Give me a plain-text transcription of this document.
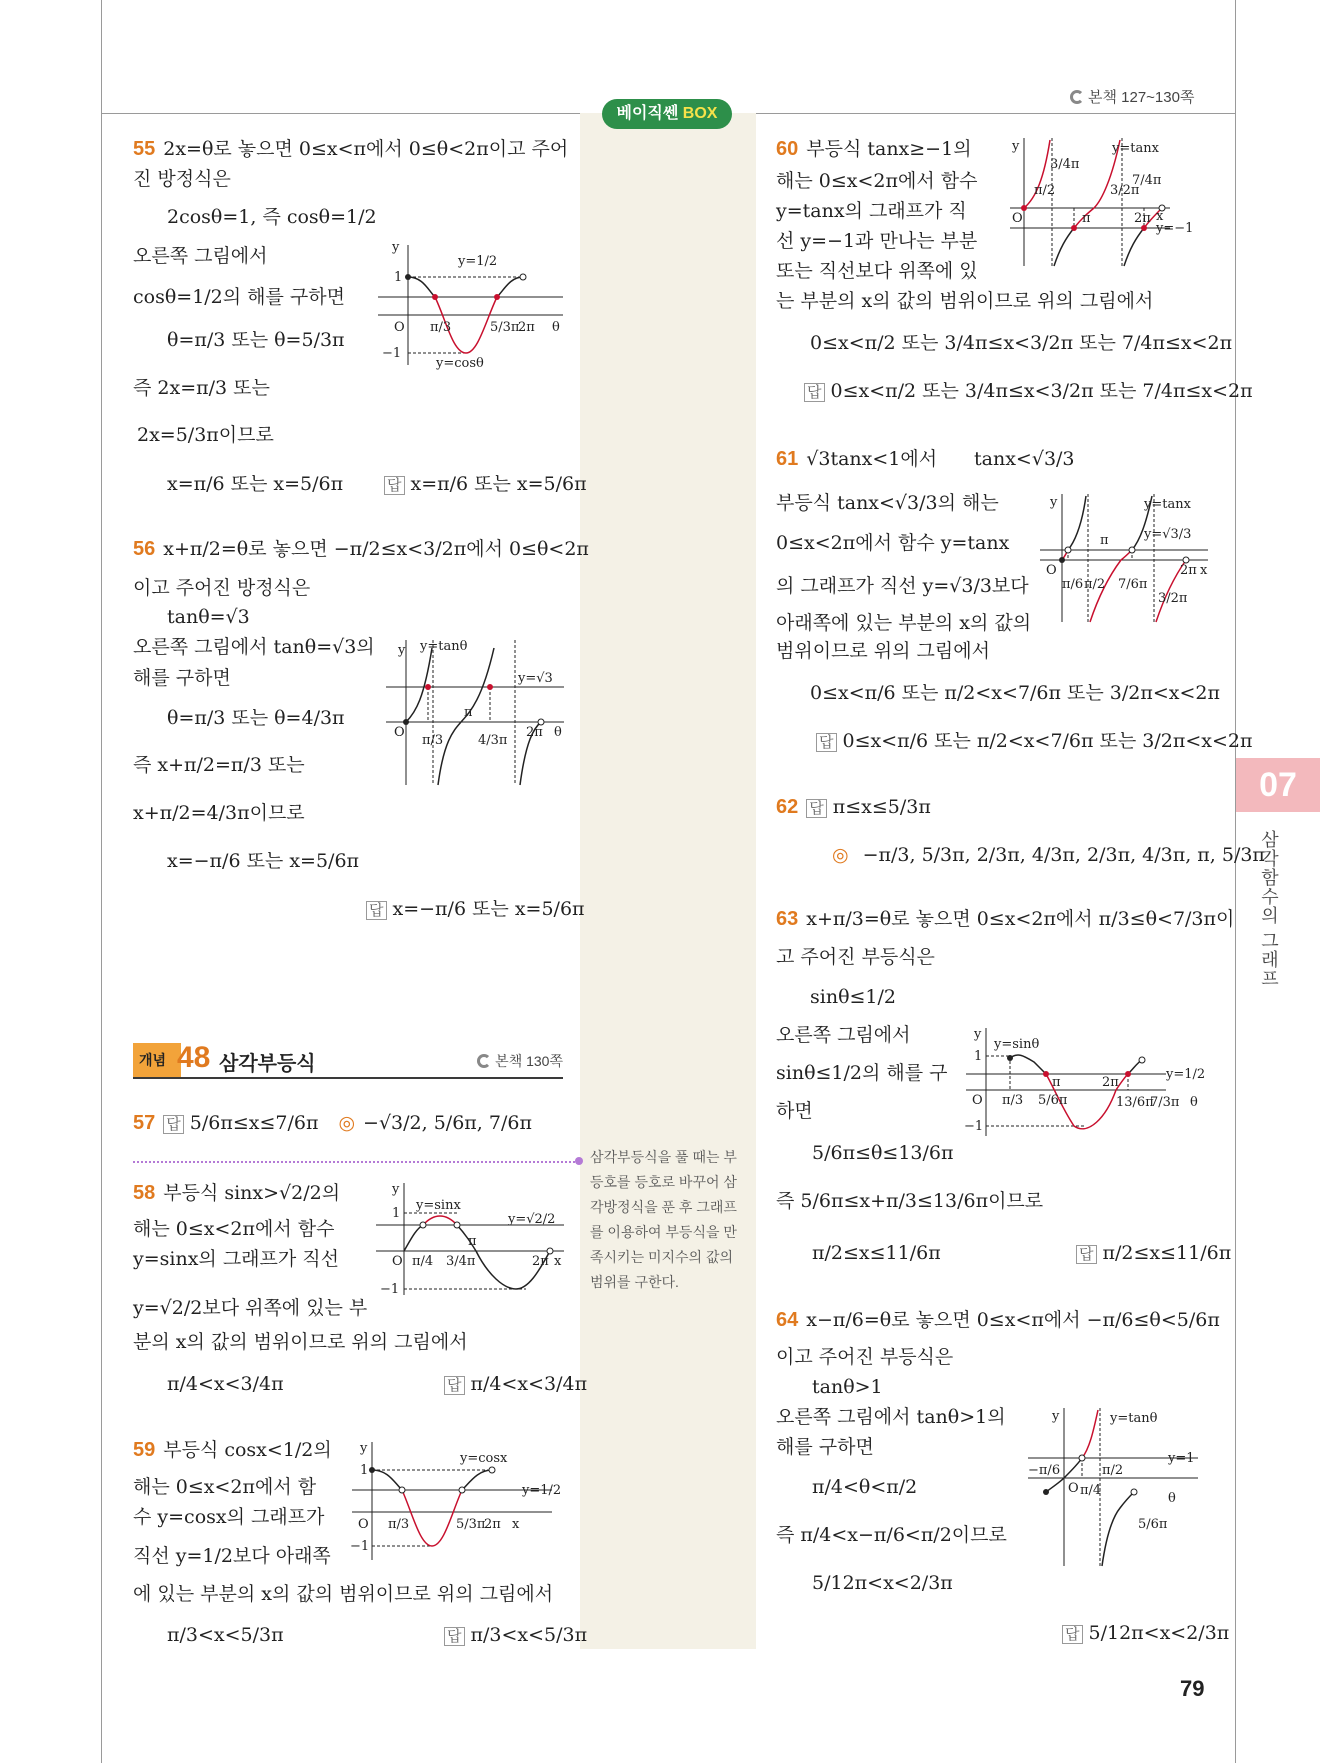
베이직쎈 BOX
본책 127~130쪽
07
삼각함수의 그래프
55 2x=θ로 놓으면 0≤x<π에서 0≤θ<2π이고 주어
진 방정식은
2cosθ=1, 즉 cosθ=1/2
오른쪽 그림에서
cosθ=1/2의 해를 구하면
θ=π/3 또는 θ=5/3π
즉 2x=π/3 또는
2x=5/3π이므로
x=π/6 또는 x=5/6π	답 x=π/6 또는 x=5/6π
y
θ
1
−1
O π/3	5/3π
2π
y=cosθ
y=1/2
56 x+π/2=θ로 놓으면 −π/2≤x<3/2π에서 0≤θ<2π
이고 주어진 방정식은
tanθ=√3
오른쪽 그림에서 tanθ=√3의
해를 구하면
θ=π/3 또는 θ=4/3π
즉 x+π/2=π/3 또는
x+π/2=4/3π이므로
x=−π/6 또는 x=5/6π
답 x=−π/6 또는 x=5/6π
y
θ
O
π/3
π
4/3π
2π
y=tanθ
y=√3
개념 48 삼각부등식	본책 130쪽
57 답 5/6π≤x≤7/6π ◎ −√3/2, 5/6π, 7/6π
삼각부등식을 풀 때는 부등호를 등호로 바꾸어 삼각방정식을 푼 후 그래프를 이용하여 부등식을 만족시키는 미지수의 값의 범위를 구한다.
58 부등식 sinx>√2/2의
해는 0≤x<2π에서 함수
y=sinx의 그래프가 직선
y=√2/2보다 위쪽에 있는 부
분의 x의 값의 범위이므로 위의 그림에서
π/4<x<3/4π	답 π/4<x<3/4π
y
x
1
−1
O π/4 3/4π
π
2π
y=sinx
y=√2/2
59 부등식 cosx<1/2의
해는 0≤x<2π에서 함
수 y=cosx의 그래프가
직선 y=1/2보다 아래쪽
에 있는 부분의 x의 값의 범위이므로 위의 그림에서
π/3<x<5/3π	답 π/3<x<5/3π
y
x
1
−1
O π/3	5/3π
2π
y=cosx
y=1/2
60 부등식 tanx≥−1의
해는 0≤x<2π에서 함수
y=tanx의 그래프가 직
선 y=−1과 만나는 부분
또는 직선보다 위쪽에 있
는 부분의 x의 값의 범위이므로 위의 그림에서
0≤x<π/2 또는 3/4π≤x<3/2π 또는 7/4π≤x<2π
답 0≤x<π/2 또는 3/4π≤x<3/2π 또는 7/4π≤x<2π
y
x
O
π/2
3/4π
π
3/2π
7/4π
2π
y=tanx
y=−1
61 √3tanx<1에서 tanx<√3/3
부등식 tanx<√3/3의 해는
0≤x<2π에서 함수 y=tanx
의 그래프가 직선 y=√3/3보다
아래쪽에 있는 부분의 x의 값의
범위이므로 위의 그림에서
0≤x<π/6 또는 π/2<x<7/6π 또는 3/2π<x<2π
답 0≤x<π/6 또는 π/2<x<7/6π 또는 3/2π<x<2π
y
x
O
π/6 π/2
π
7/6π
3/2π
2π
y=tanx
y=√3/3
62 답 π≤x≤5/3π
◎ −π/3, 5/3π, 2/3π, 4/3π, 2/3π, 4/3π, π, 5/3π
63 x+π/3=θ로 놓으면 0≤x<2π에서 π/3≤θ<7/3π이
고 주어진 부등식은
sinθ≤1/2
오른쪽 그림에서
sinθ≤1/2의 해를 구
하면
5/6π≤θ≤13/6π
즉 5/6π≤x+π/3≤13/6π이므로
π/2≤x≤11/6π	답 π/2≤x≤11/6π
y
θ
1
−1
O π/3 5/6π
π	2π
13/6π
7/3π
y=sinθ
y=1/2
64 x−π/6=θ로 놓으면 0≤x<π에서 −π/6≤θ<5/6π
이고 주어진 부등식은
tanθ>1
오른쪽 그림에서 tanθ>1의
해를 구하면
π/4<θ<π/2
즉 π/4<x−π/6<π/2이므로
5/12π<x<2/3π
답 5/12π<x<2/3π
y
θ
O
−π/6
π/4
π/2
5/6π
y=tanθ
y=1
79
